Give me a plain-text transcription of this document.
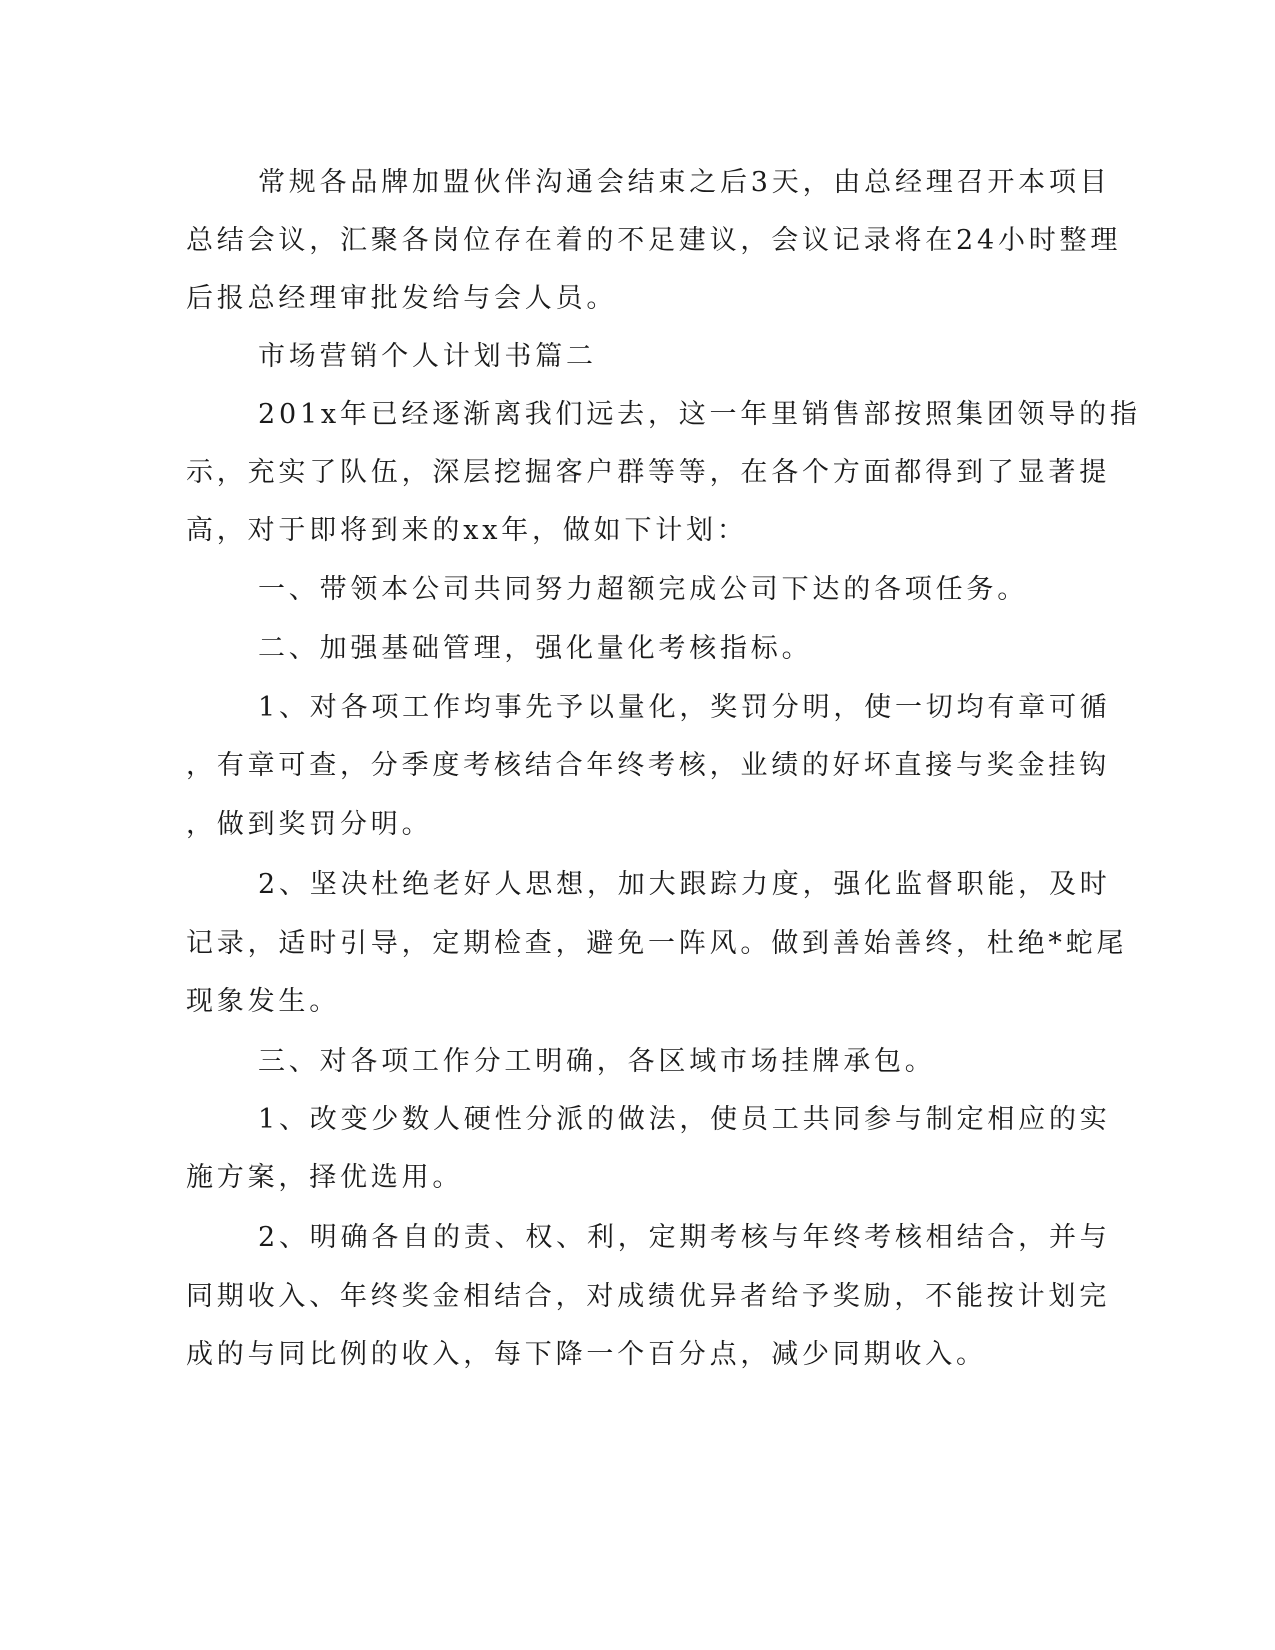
常规各品牌加盟伙伴沟通会结束之后3天，由总经理召开本项目
总结会议，汇聚各岗位存在着的不足建议，会议记录将在24小时整理
后报总经理审批发给与会人员。
市场营销个人计划书篇二
201x年已经逐渐离我们远去，这一年里销售部按照集团领导的指
示，充实了队伍，深层挖掘客户群等等，在各个方面都得到了显著提
高，对于即将到来的xx年，做如下计划：
一、带领本公司共同努力超额完成公司下达的各项任务。
二、加强基础管理，强化量化考核指标。
1、对各项工作均事先予以量化，奖罚分明，使一切均有章可循
，有章可查，分季度考核结合年终考核，业绩的好坏直接与奖金挂钩
，做到奖罚分明。
2、坚决杜绝老好人思想，加大跟踪力度，强化监督职能，及时
记录，适时引导，定期检查，避免一阵风。做到善始善终，杜绝*蛇尾
现象发生。
三、对各项工作分工明确，各区域市场挂牌承包。
1、改变少数人硬性分派的做法，使员工共同参与制定相应的实
施方案，择优选用。
2、明确各自的责、权、利，定期考核与年终考核相结合，并与
同期收入、年终奖金相结合，对成绩优异者给予奖励，不能按计划完
成的与同比例的收入，每下降一个百分点，减少同期收入。
